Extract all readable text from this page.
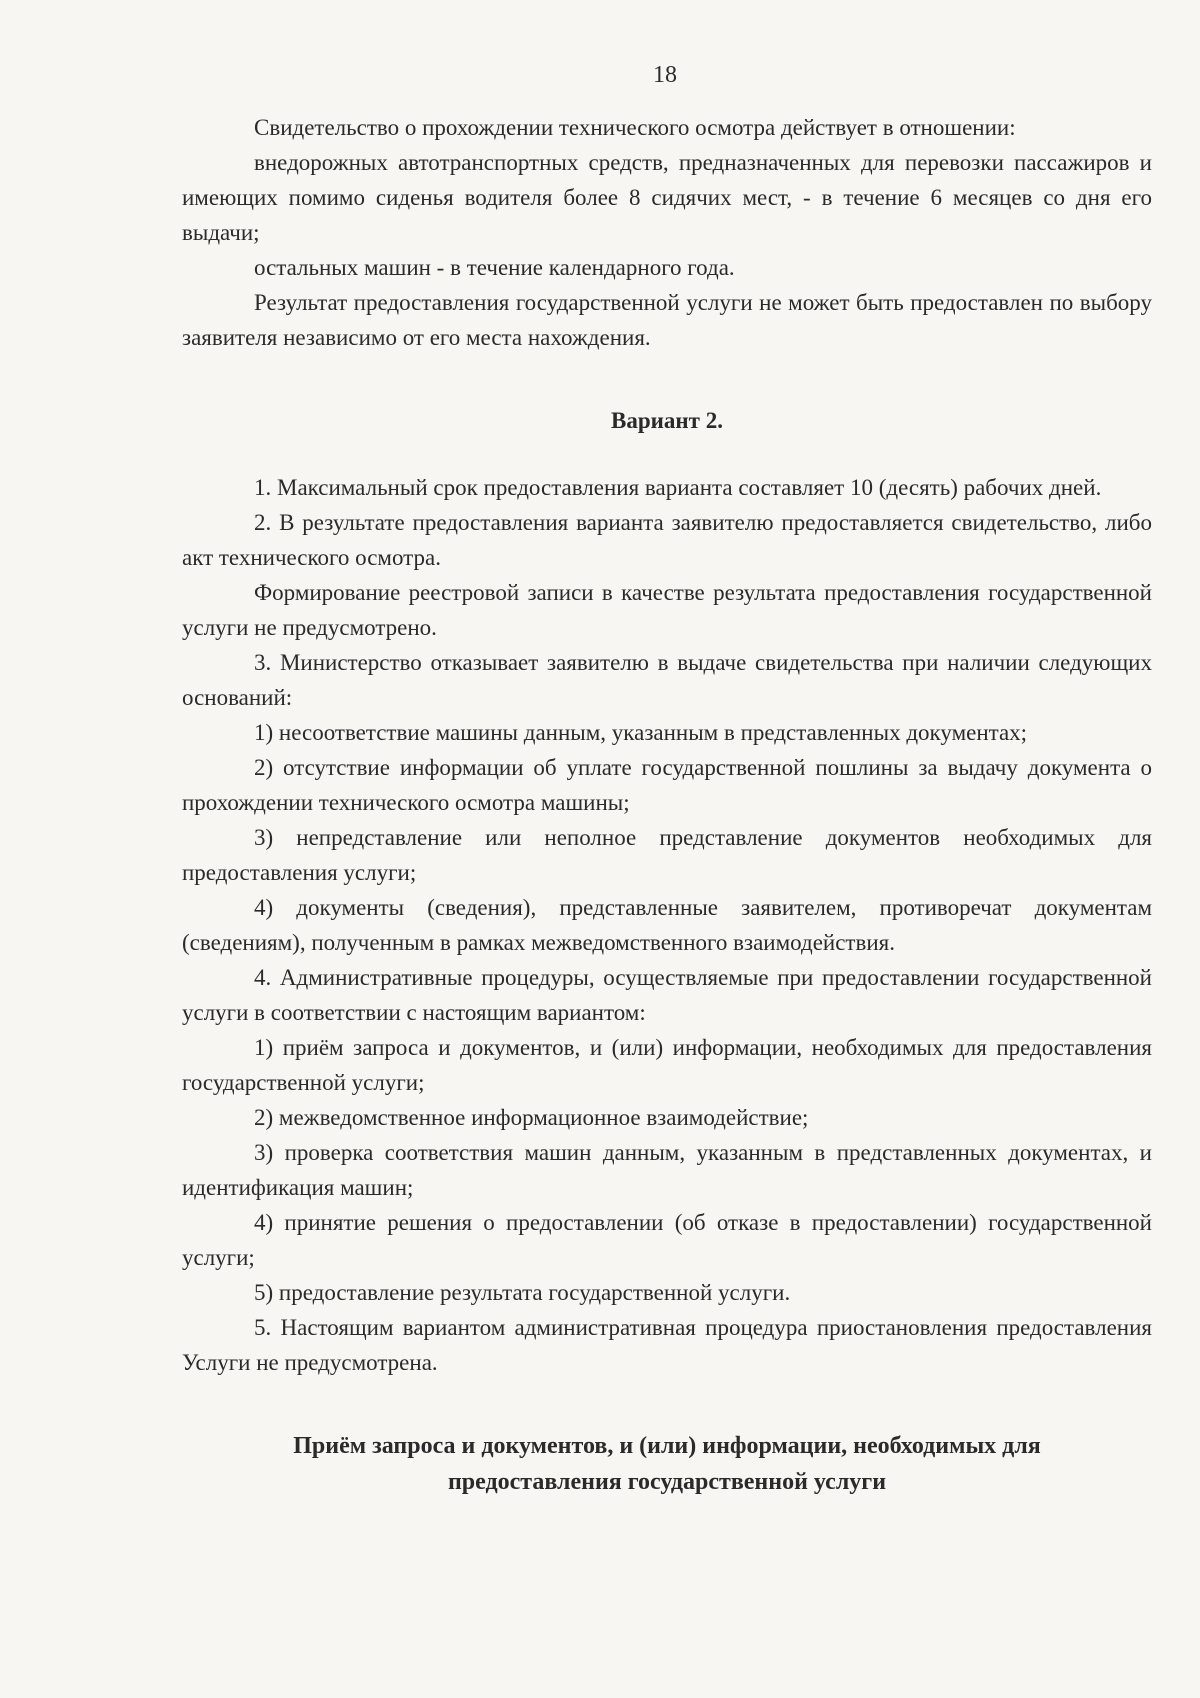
18

Свидетельство о прохождении технического осмотра действует в отношении:

внедорожных автотранспортных средств, предназначенных для перевозки пассажиров и имеющих помимо сиденья водителя более 8 сидячих мест, - в течение 6 месяцев со дня его выдачи;

остальных машин - в течение календарного года.

Результат предоставления государственной услуги не может быть предоставлен по выбору заявителя независимо от его места нахождения.

Вариант 2.

1. Максимальный срок предоставления варианта составляет 10 (десять) рабочих дней.

2. В результате предоставления варианта заявителю предоставляется свидетельство, либо акт технического осмотра.

Формирование реестровой записи в качестве результата предоставления государственной услуги не предусмотрено.

3. Министерство отказывает заявителю в выдаче свидетельства при наличии следующих оснований:

1) несоответствие машины данным, указанным в представленных документах;

2) отсутствие информации об уплате государственной пошлины за выдачу документа о прохождении технического осмотра машины;

3) непредставление или неполное представление документов необходимых для предоставления услуги;

4) документы (сведения), представленные заявителем, противоречат документам (сведениям), полученным в рамках межведомственного взаимодействия.

4. Административные процедуры, осуществляемые при предоставлении государственной услуги в соответствии с настоящим вариантом:

1) приём запроса и документов, и (или) информации, необходимых для предоставления государственной услуги;

2) межведомственное информационное взаимодействие;

3) проверка соответствия машин данным, указанным в представленных документах, и идентификация машин;

4) принятие решения о предоставлении (об отказе в предоставлении) государственной услуги;

5) предоставление результата государственной услуги.

5. Настоящим вариантом административная процедура приостановления предоставления Услуги не предусмотрена.

Приём запроса и документов, и (или) информации, необходимых для
предоставления государственной услуги
